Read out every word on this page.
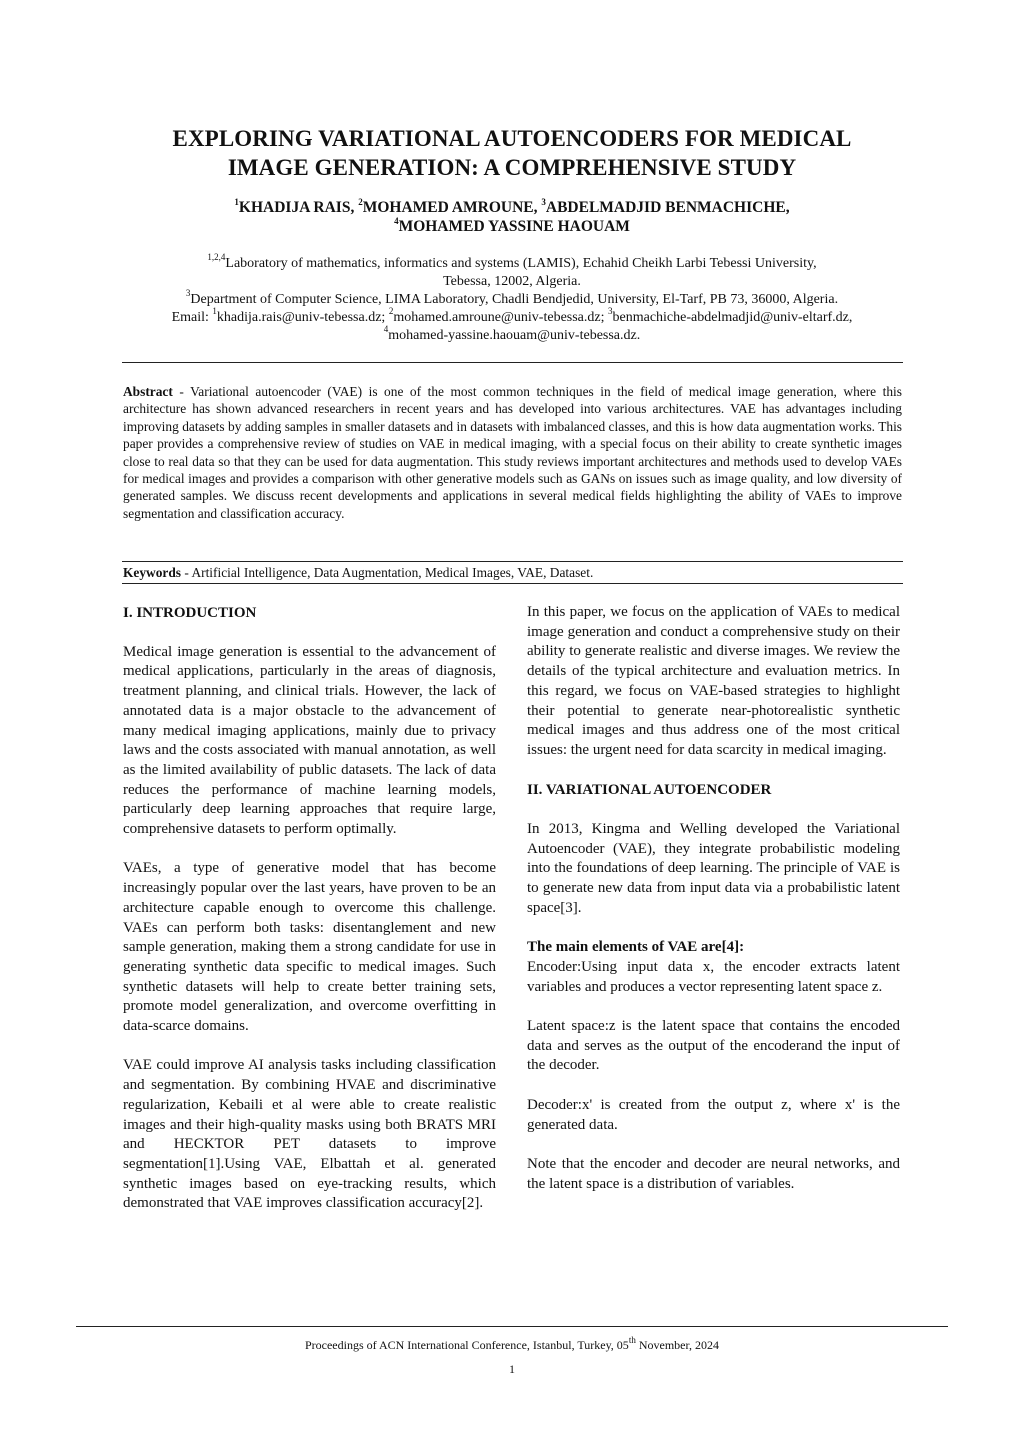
EXPLORING VARIATIONAL AUTOENCODERS FOR MEDICAL
IMAGE GENERATION: A COMPREHENSIVE STUDY
$^1$KHADIJA RAIS, $^2$MOHAMED AMROUNE, $^3$ABDELMADJID BENMACHICHE,
$^4$MOHAMED YASSINE HAOUAM
$^{1,2,4}$Laboratory of mathematics, informatics and systems (LAMIS), Echahid Cheikh Larbi Tebessi University,
Tebessa, 12002, Algeria.
$^3$Department of Computer Science, LIMA Laboratory, Chadli Bendjedid, University, El-Tarf, PB 73, 36000, Algeria.
Email: $^1$khadija.rais@univ-tebessa.dz; $^2$mohamed.amroune@univ-tebessa.dz; $^3$benmachiche-abdelmadjid@univ-eltarf.dz,
$^4$mohamed-yassine.haouam@univ-tebessa.dz.
Abstract - Variational autoencoder (VAE) is one of the most common techniques in the field of medical image generation, where this architecture has shown advanced researchers in recent years and has developed into various architectures. VAE has advantages including improving datasets by adding samples in smaller datasets and in datasets with imbalanced classes, and this is how data augmentation works. This paper provides a comprehensive review of studies on VAE in medical imaging, with a special focus on their ability to create synthetic images close to real data so that they can be used for data augmentation. This study reviews important architectures and methods used to develop VAEs for medical images and provides a comparison with other generative models such as GANs on issues such as image quality, and low diversity of generated samples. We discuss recent developments and applications in several medical fields highlighting the ability of VAEs to improve segmentation and classification accuracy.
Keywords - Artificial Intelligence, Data Augmentation, Medical Images, VAE, Dataset.
I. INTRODUCTION

Medical image generation is essential to the advancement of medical applications, particularly in the areas of diagnosis, treatment planning, and clinical trials. However, the lack of annotated data is a major obstacle to the advancement of many medical imaging applications, mainly due to privacy laws and the costs associated with manual annotation, as well as the limited availability of public datasets. The lack of data reduces the performance of machine learning models, particularly deep learning approaches that require large, comprehensive datasets to perform optimally.

VAEs, a type of generative model that has become increasingly popular over the last years, have proven to be an architecture capable enough to overcome this challenge. VAEs can perform both tasks: disentanglement and new sample generation, making them a strong candidate for use in generating synthetic data specific to medical images. Such synthetic datasets will help to create better training sets, promote model generalization, and overcome overfitting in data-scarce domains.

VAE could improve AI analysis tasks including classification and segmentation. By combining HVAE and discriminative regularization, Kebaili et al were able to create realistic images and their high-quality masks using both BRATS MRI and HECKTOR PET datasets to improve segmentation[1].Using VAE, Elbattah et al. generated synthetic images based on eye-tracking results, which demonstrated that VAE improves classification accuracy[2].

In this paper, we focus on the application of VAEs to medical image generation and conduct a comprehensive study on their ability to generate realistic and diverse images. We review the details of the typical architecture and evaluation metrics. In this regard, we focus on VAE-based strategies to highlight their potential to generate near-photorealistic synthetic medical images and thus address one of the most critical issues: the urgent need for data scarcity in medical imaging.

II. VARIATIONAL AUTOENCODER

In 2013, Kingma and Welling developed the Variational Autoencoder (VAE), they integrate probabilistic modeling into the foundations of deep learning. The principle of VAE is to generate new data from input data via a probabilistic latent space[3].

The main elements of VAE are[4]:

Encoder:Using input data x, the encoder extracts latent variables and produces a vector representing latent space z.

Latent space:z is the latent space that contains the encoded data and serves as the output of the encoderand the input of the decoder.

Decoder:x' is created from the output z, where x' is the generated data.

Note that the encoder and decoder are neural networks, and the latent space is a distribution of variables.

Proceedings of ACN International Conference, Istanbul, Turkey, 05th November, 2024
1
